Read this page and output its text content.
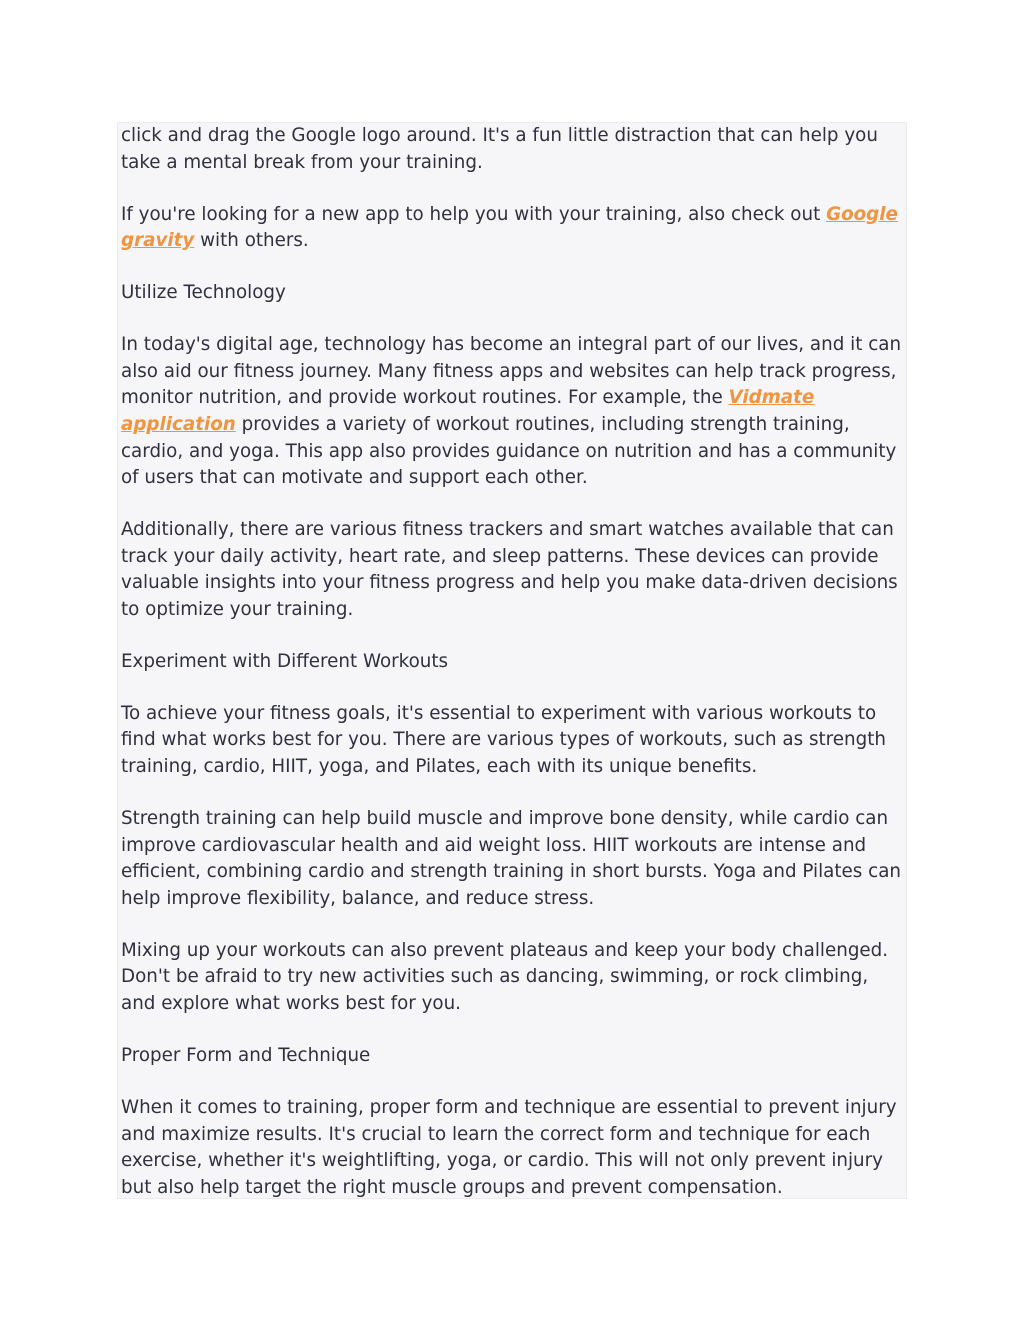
click and drag the Google logo around. It's a fun little distraction that can help you take a mental break from your training.

If you're looking for a new app to help you with your training, also check out Google gravity with others.

Utilize Technology

In today's digital age, technology has become an integral part of our lives, and it can also aid our fitness journey. Many fitness apps and websites can help track progress, monitor nutrition, and provide workout routines. For example, the Vidmate application provides a variety of workout routines, including strength training, cardio, and yoga. This app also provides guidance on nutrition and has a community of users that can motivate and support each other.

Additionally, there are various fitness trackers and smart watches available that can track your daily activity, heart rate, and sleep patterns. These devices can provide valuable insights into your fitness progress and help you make data-driven decisions to optimize your training.

Experiment with Different Workouts

To achieve your fitness goals, it's essential to experiment with various workouts to find what works best for you. There are various types of workouts, such as strength training, cardio, HIIT, yoga, and Pilates, each with its unique benefits.

Strength training can help build muscle and improve bone density, while cardio can improve cardiovascular health and aid weight loss. HIIT workouts are intense and efficient, combining cardio and strength training in short bursts. Yoga and Pilates can help improve flexibility, balance, and reduce stress.

Mixing up your workouts can also prevent plateaus and keep your body challenged. Don't be afraid to try new activities such as dancing, swimming, or rock climbing, and explore what works best for you.

Proper Form and Technique

When it comes to training, proper form and technique are essential to prevent injury and maximize results. It's crucial to learn the correct form and technique for each exercise, whether it's weightlifting, yoga, or cardio. This will not only prevent injury but also help target the right muscle groups and prevent compensation.
